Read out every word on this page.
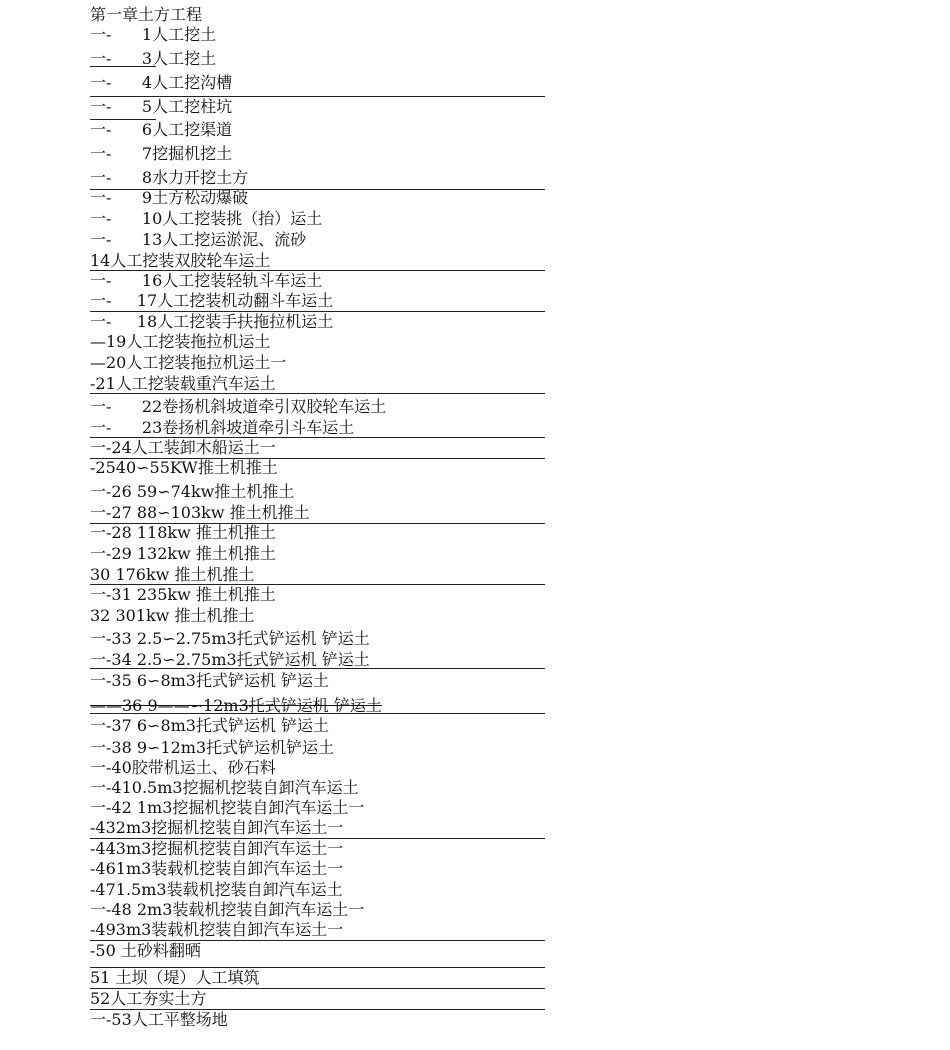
第一章土方工程
一-      1人工挖土
一-      3人工挖土
一-      4人工挖沟槽
一-      5人工挖柱坑
一-      6人工挖渠道
一-      7挖掘机挖土
一-      8水力开挖土方
一-      9土方松动爆破
一-      10人工挖装挑（抬）运土
一-      13人工挖运淤泥、流砂
14人工挖装双胶轮车运土
一-      16人工挖装轻轨斗车运土
一-     17人工挖装机动翻斗车运土
一-     18人工挖装手扶拖拉机运土
—19人工挖装拖拉机运土
—20人工挖装拖拉机运土一
-21人工挖装载重汽车运土
一-      22卷扬机斜坡道牵引双胶轮车运土
一-      23卷扬机斜坡道牵引斗车运土
一-24人工装卸木船运土一
-2540∽55KW推土机推土
一-26 59∽74kw推土机推土
一-27 88∽103kw 推土机推土
一-28 118kw 推土机推土
一-29 132kw 推土机推土
30 176kw 推土机推土
一-31 235kw 推土机推土
32 301kw 推土机推土
一-33 2.5∽2.75m3托式铲运机 铲运土
一-34 2.5∽2.75m3托式铲运机 铲运土
一-35 6∽8m3托式铲运机 铲运土
——36 9——∽12m3托式铲运机 铲运土
一-37 6∽8m3托式铲运机 铲运土
一-38 9∽12m3托式铲运机铲运土
一-40胶带机运土、砂石料
一-410.5m3挖掘机挖装自卸汽车运土
一-42 1m3挖掘机挖装自卸汽车运土一
-432m3挖掘机挖装自卸汽车运土一
-443m3挖掘机挖装自卸汽车运土一
-461m3装载机挖装自卸汽车运土一
-471.5m3装载机挖装自卸汽车运土
一-48 2m3装载机挖装自卸汽车运土一
-493m3装载机挖装自卸汽车运土一
-50 土砂料翻晒
51 土坝（堤）人工填筑
52人工夯实土方
一-53人工平整场地
